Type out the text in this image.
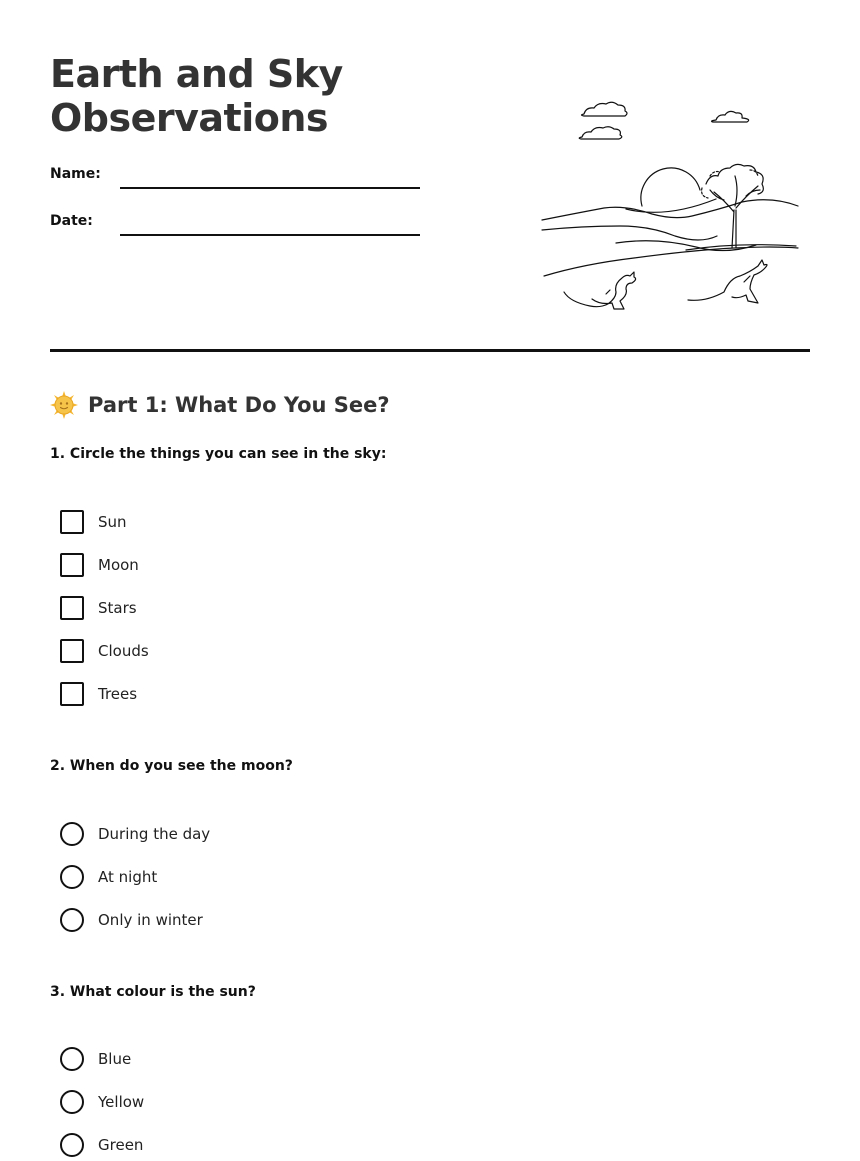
Earth and Sky
Observations
Name:
Date:
Part 1: What Do You See?
1. Circle the things you can see in the sky:
Sun
Moon
Stars
Clouds
Trees
2. When do you see the moon?
During the day
At night
Only in winter
3. What colour is the sun?
Blue
Yellow
Green
